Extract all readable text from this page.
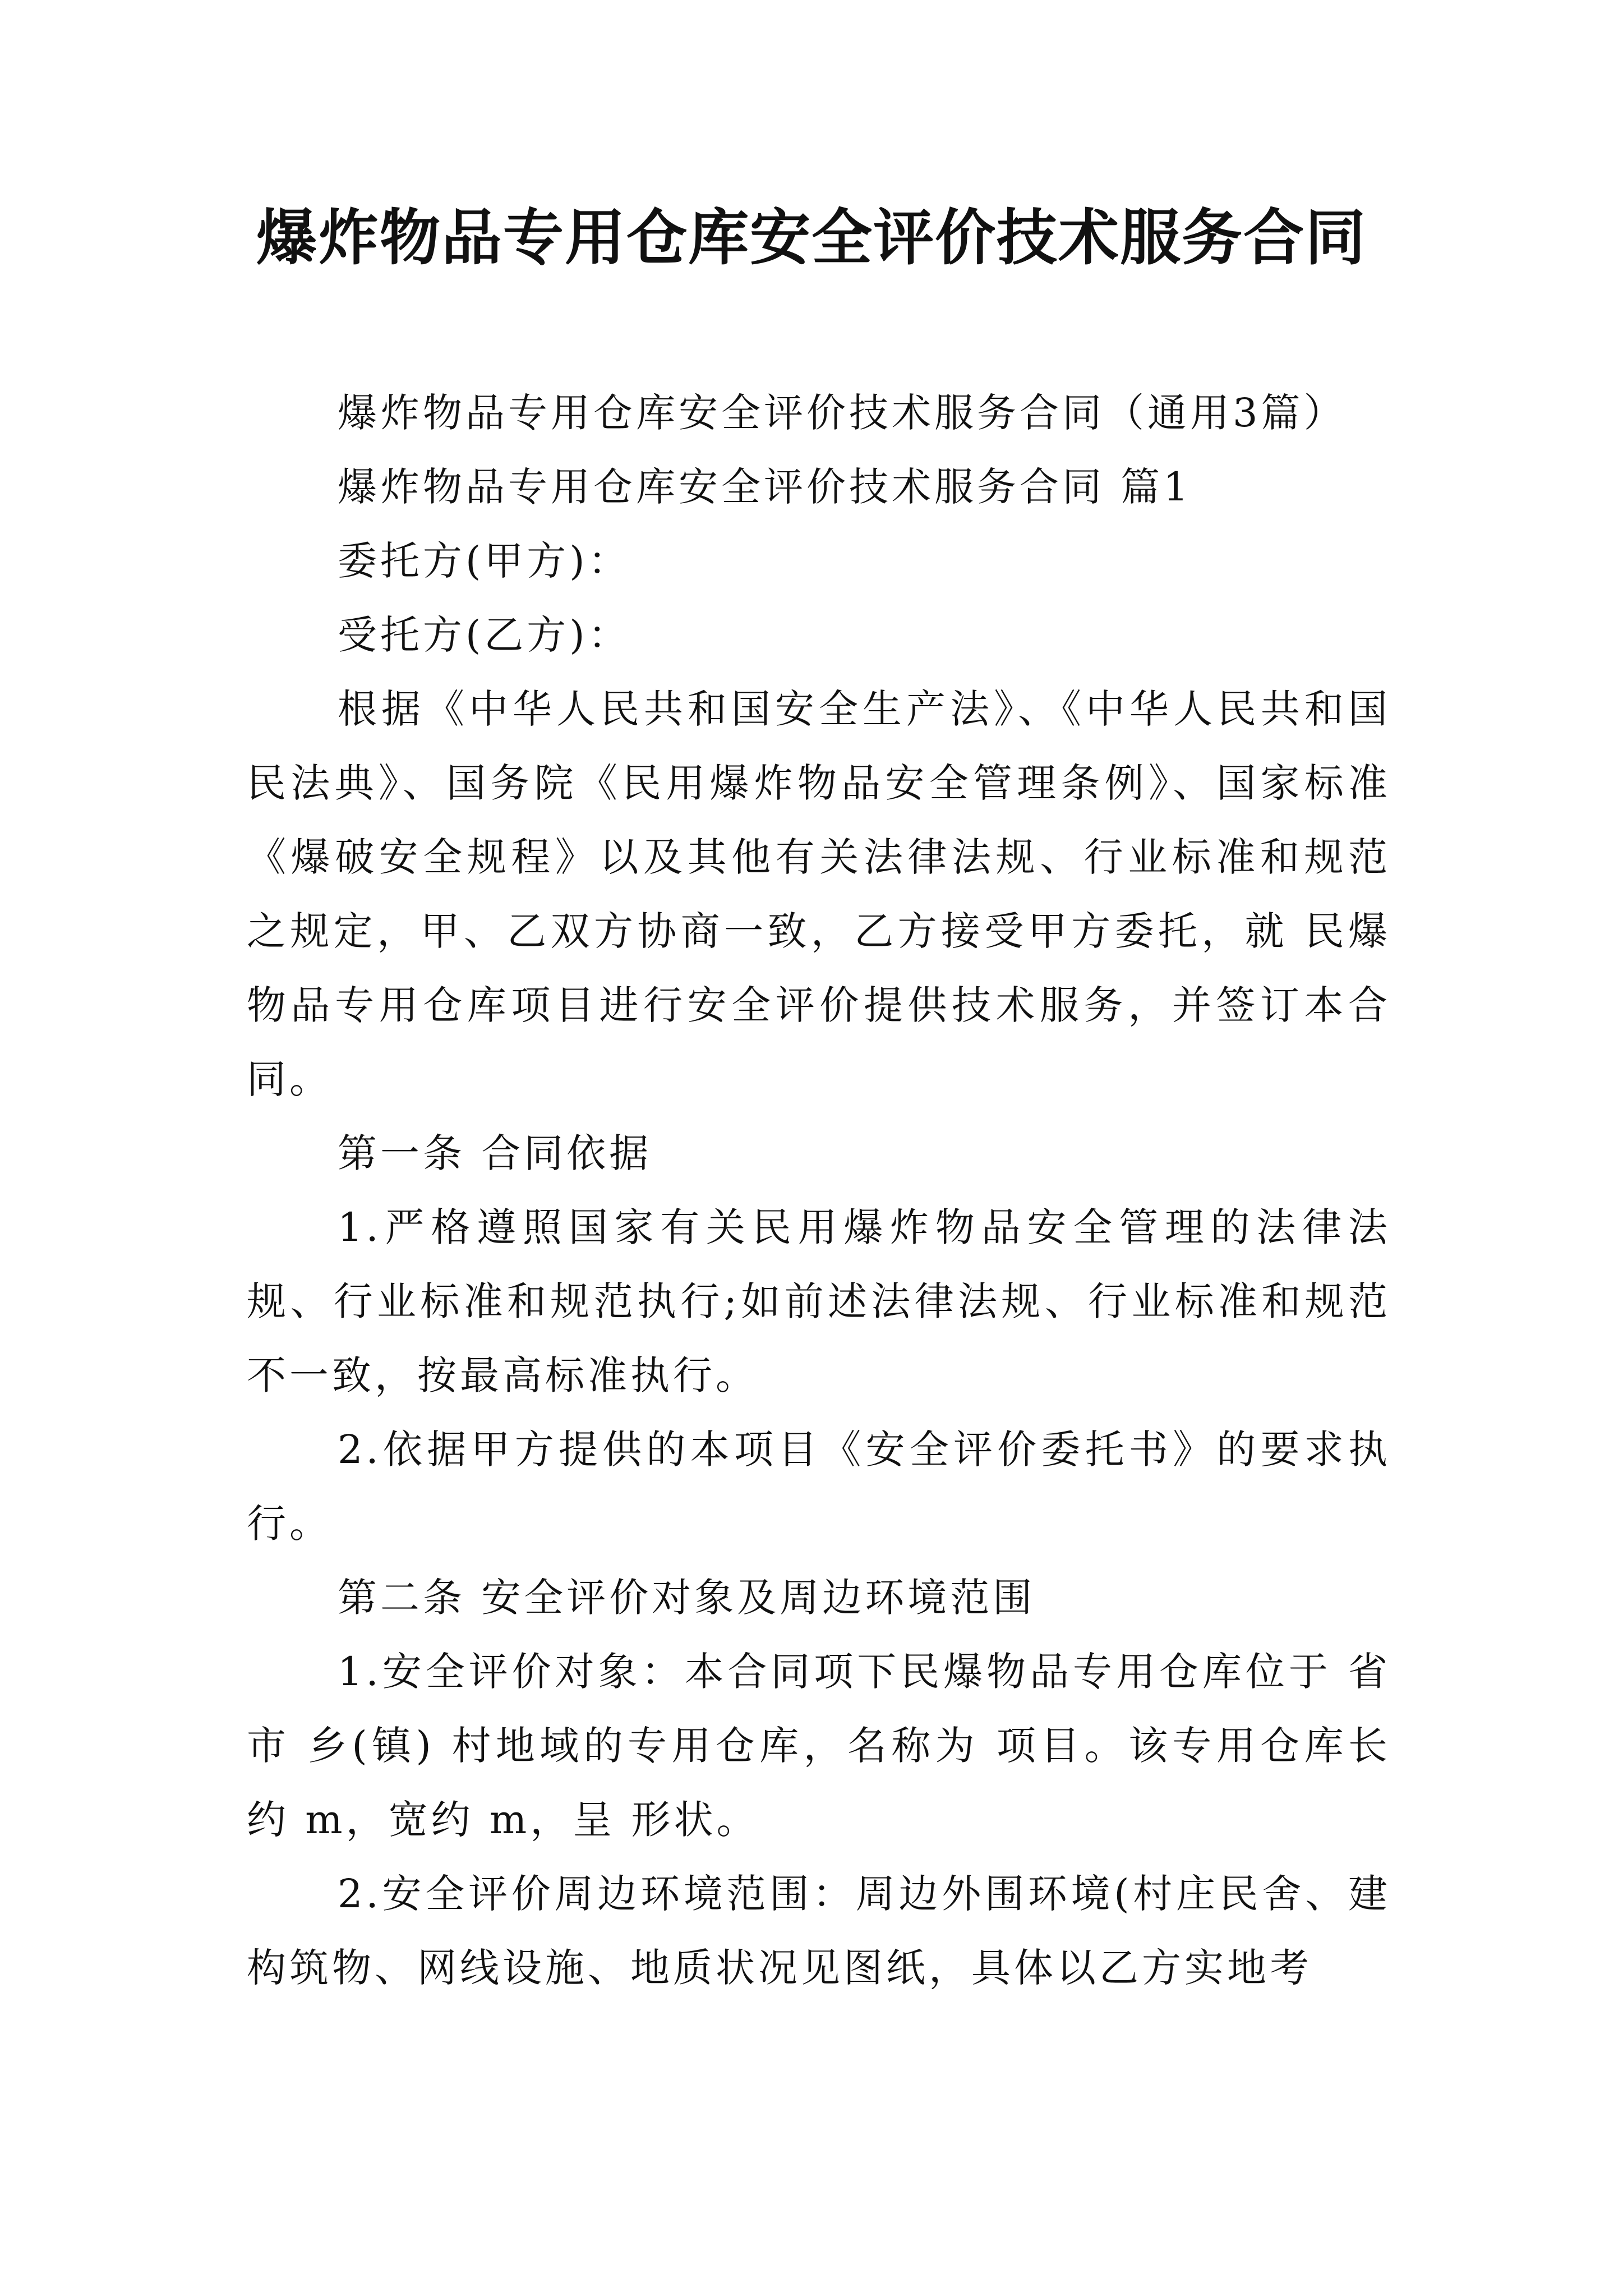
爆炸物品专用仓库安全评价技术服务合同

爆炸物品专用仓库安全评价技术服务合同（通用3篇）

爆炸物品专用仓库安全评价技术服务合同 篇1

委托方(甲方)：

受托方(乙方)：

根据《中华人民共和国安全生产法》、《中华人民共和国民法典》、国务院《民用爆炸物品安全管理条例》、国家标准《爆破安全规程》以及其他有关法律法规、行业标准和规范之规定，甲、乙双方协商一致，乙方接受甲方委托，就 民爆物品专用仓库项目进行安全评价提供技术服务，并签订本合同。

第一条 合同依据

1.严格遵照国家有关民用爆炸物品安全管理的法律法规、行业标准和规范执行;如前述法律法规、行业标准和规范不一致，按最高标准执行。

2.依据甲方提供的本项目《安全评价委托书》的要求执行。

第二条 安全评价对象及周边环境范围

1.安全评价对象：本合同项下民爆物品专用仓库位于 省 市 乡(镇) 村地域的专用仓库，名称为 项目。该专用仓库长约 m，宽约 m，呈 形状。

2.安全评价周边环境范围：周边外围环境(村庄民舍、建构筑物、网线设施、地质状况见图纸，具体以乙方实地考
